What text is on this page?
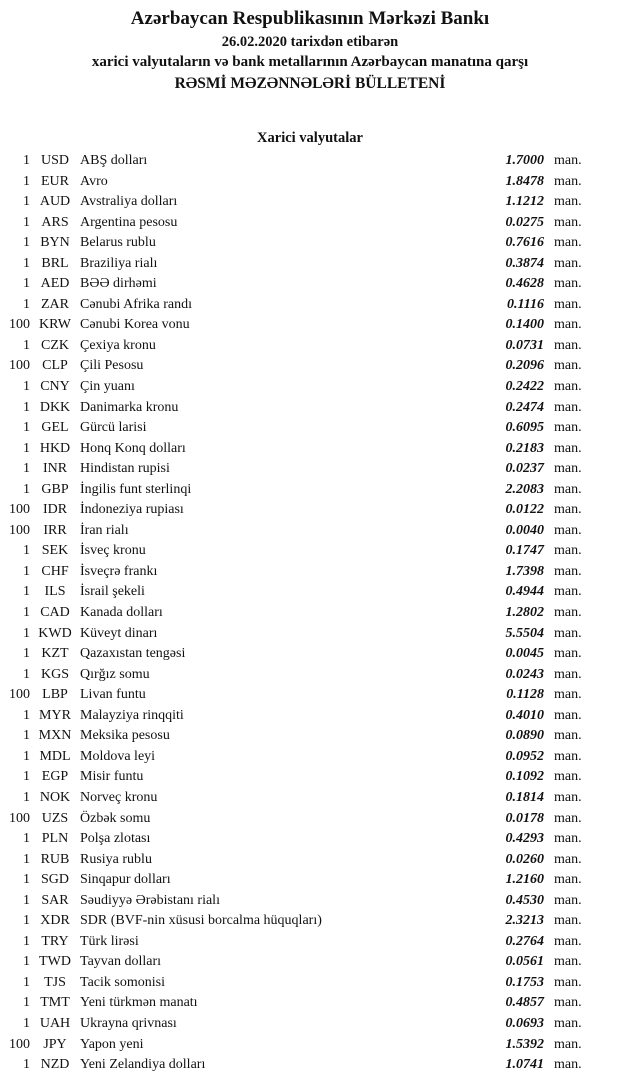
Azərbaycan Respublikasının Mərkəzi Bankı
26.02.2020 tarixdən etibarən
xarici valyutaların və bank metallarının Azərbaycan manatına qarşı
RƏSMİ MƏZƏNNƏLƏRİ BÜLLETENİ
Xarici valyutalar
1 USD ABŞ dolları	1.7000 man.
1 EUR Avro	1.8478 man.
1 AUD Avstraliya dolları	1.1212 man.
1 ARS Argentina pesosu	0.0275 man.
1 BYN Belarus rublu	0.7616 man.
1 BRL Braziliya rialı	0.3874 man.
1 AED BƏƏ dirhəmi	0.4628 man.
1 ZAR Cənubi Afrika randı	0.1116 man.
100 KRW Cənubi Korea vonu	0.1400 man.
1 CZK Çexiya kronu	0.0731 man.
100 CLP Çili Pesosu	0.2096 man.
1 CNY Çin yuanı	0.2422 man.
1 DKK Danimarka kronu	0.2474 man.
1 GEL Gürcü larisi	0.6095 man.
1 HKD Honq Konq dolları	0.2183 man.
1 INR Hindistan rupisi	0.0237 man.
1 GBP İngilis funt sterlinqi	2.2083 man.
100 IDR İndoneziya rupiası	0.0122 man.
100 IRR İran rialı	0.0040 man.
1 SEK İsveç kronu	0.1747 man.
1 CHF İsveçrə frankı	1.7398 man.
1	ILS	İsrail şekeli	0.4944 man.
1 CAD Kanada dolları	1.2802 man.
1 KWD Küveyt dinarı	5.5504 man.
1 KZT Qazaxıstan tengəsi	0.0045 man.
1 KGS Qırğız somu	0.0243 man.
100 LBP Livan funtu	0.1128 man.
1 MYR Malayziya rinqqiti	0.4010 man.
1 MXN Meksika pesosu	0.0890 man.
1 MDL Moldova leyi	0.0952 man.
1 EGP Misir funtu	0.1092 man.
1 NOK Norveç kronu	0.1814 man.
100 UZS Özbək somu	0.0178 man.
1 PLN Polşa zlotası	0.4293 man.
1 RUB Rusiya rublu	0.0260 man.
1 SGD Sinqapur dolları	1.2160 man.
1 SAR Səudiyyə Ərəbistanı rialı	0.4530 man.
1 XDR SDR (BVF-nin xüsusi borcalma hüquqları)	2.3213 man.
1 TRY Türk lirəsi	0.2764 man.
1 TWD Tayvan dolları	0.0561 man.
1	TJS	Tacik somonisi	0.1753 man.
1 TMT Yeni türkmən manatı	0.4857 man.
1 UAH Ukrayna qrivnası	0.0693 man.
100 JPY Yapon yeni	1.5392 man.
1 NZD Yeni Zelandiya dolları	1.0741 man.
